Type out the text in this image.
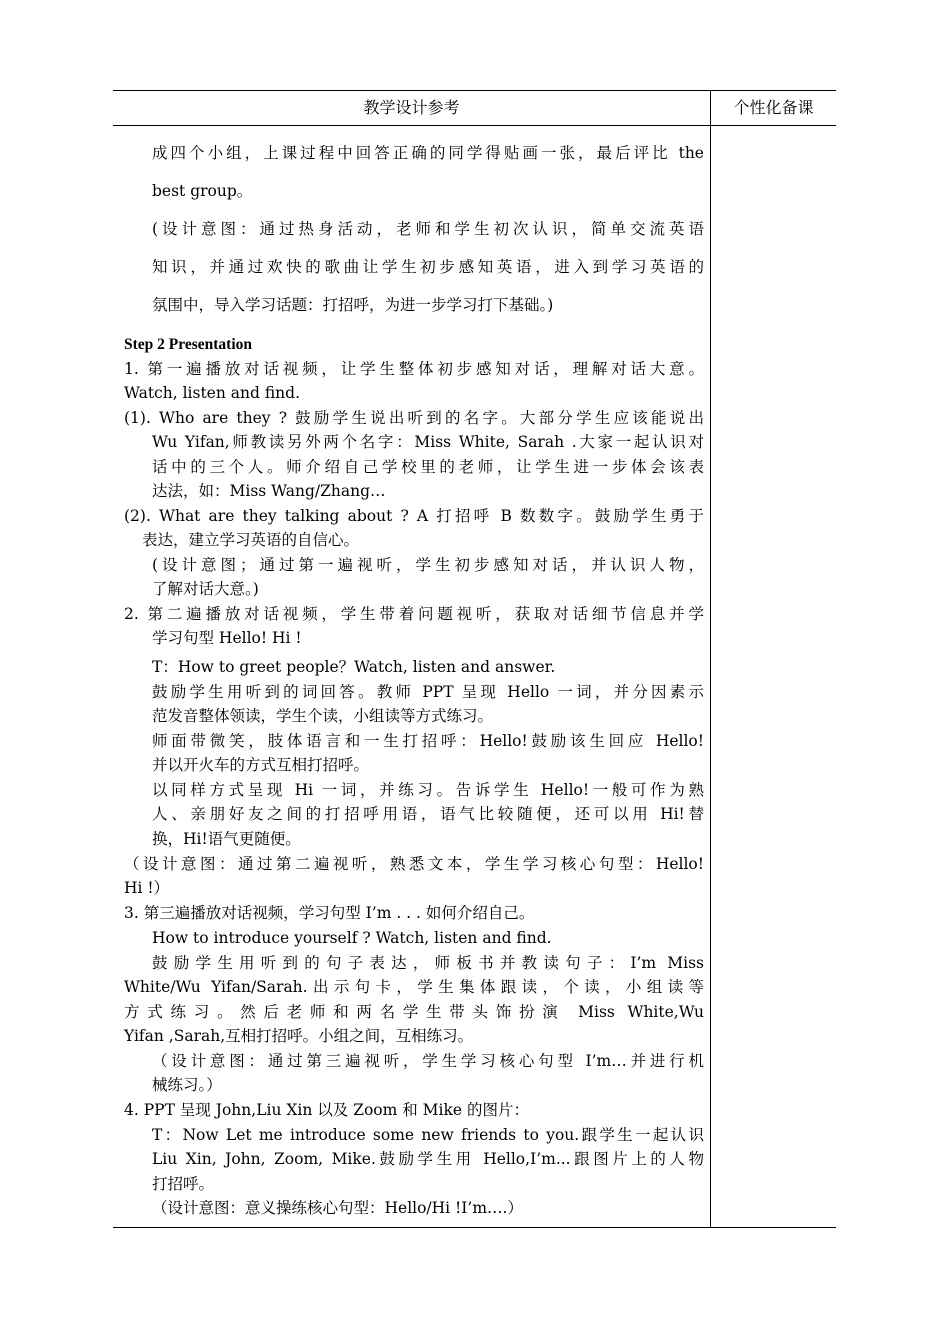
教学设计参考	个性化备课
成四个小组，上课过程中回答正确的同学得贴画一张，最后评比 the
best group。
(设计意图：通过热身活动，老师和学生初次认识，简单交流英语
知识，并通过欢快的歌曲让学生初步感知英语，进入到学习英语的
氛围中，导入学习话题：打招呼，为进一步学习打下基础。)
Step 2 Presentation
1. 第一遍播放对话视频，让学生整体初步感知对话，理解对话大意。
Watch, listen and find.
(1). Who are they ? 鼓励学生说出听到的名字。大部分学生应该能说出
Wu Yifan,师教读另外两个名字：Miss White, Sarah .大家一起认识对
话中的三个人。师介绍自己学校里的老师，让学生进一步体会该表
达法，如：Miss Wang/Zhang…
(2). What are they talking about ? A 打招呼 B 数数字。鼓励学生勇于
表达，建立学习英语的自信心。
(设计意图；通过第一遍视听，学生初步感知对话，并认识人物，
了解对话大意。)
2. 第二遍播放对话视频，学生带着问题视听，获取对话细节信息并学
学习句型 Hello! Hi !
T：How to greet people？Watch, listen and answer.
鼓励学生用听到的词回答。教师 PPT 呈现 Hello 一词，并分因素示
范发音整体领读，学生个读，小组读等方式练习。
师面带微笑，肢体语言和一生打招呼：Hello!鼓励该生回应 Hello!
并以开火车的方式互相打招呼。
以同样方式呈现 Hi 一词，并练习。告诉学生 Hello!一般可作为熟
人、亲朋好友之间的打招呼用语，语气比较随便，还可以用 Hi!替
换，Hi!语气更随便。
（设计意图：通过第二遍视听，熟悉文本，学生学习核心句型：Hello!
Hi !）
3. 第三遍播放对话视频，学习句型 I’m . . . 如何介绍自己。
How to introduce yourself ? Watch, listen and find.
鼓励学生用听到的句子表达，师板书并教读句子：I’m Miss
White/Wu Yifan/Sarah.出示句卡，学生集体跟读，个读，小组读等
方式练习。然后老师和两名学生带头饰扮演 Miss White,Wu
Yifan ,Sarah,互相打招呼。小组之间，互相练习。
（设计意图：通过第三遍视听，学生学习核心句型 I’m…并进行机
械练习。）
4. PPT 呈现 John,Liu Xin 以及 Zoom 和 Mike 的图片：
T：Now Let me introduce some new friends to you.跟学生一起认识
Liu Xin, John, Zoom, Mike.鼓励学生用 Hello,I’m...跟图片上的人物
打招呼。
（设计意图：意义操练核心句型：Hello/Hi !I’m….）
